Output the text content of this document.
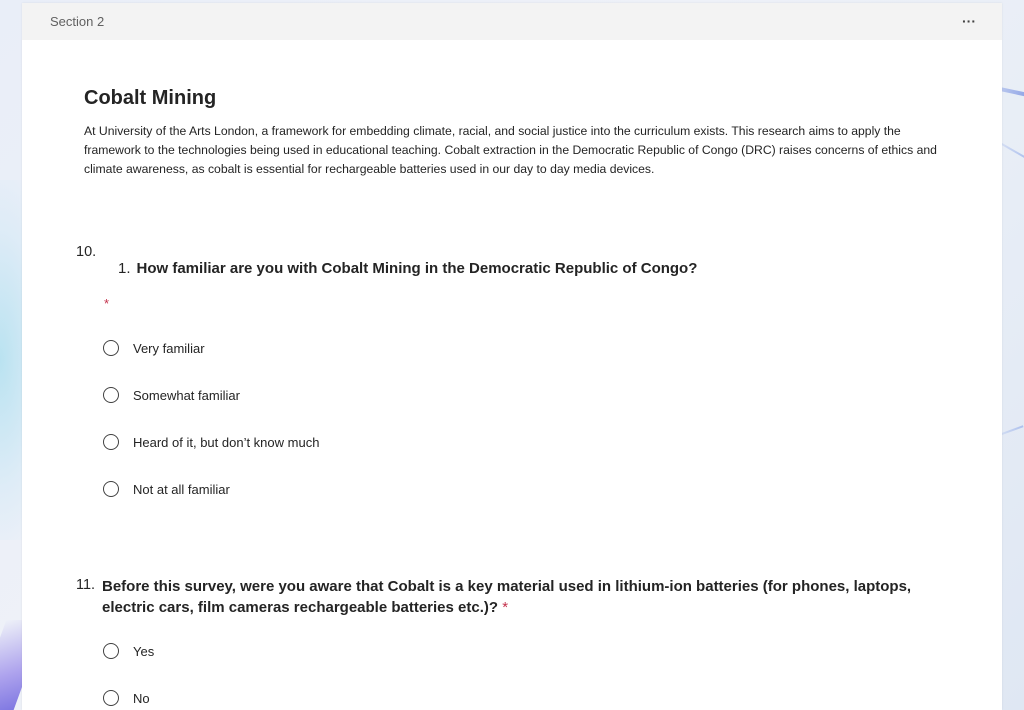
Section 2	···
Cobalt Mining
At University of the Arts London, a framework for embedding climate, racial, and social justice into the curriculum exists. This research aims to apply the framework to the technologies being used in educational teaching. Cobalt extraction in the Democratic Republic of Congo (DRC) raises concerns of ethics and climate awareness, as cobalt is essential for rechargeable batteries used in our day to day media devices.
10.
1. How familiar are you with Cobalt Mining in the Democratic Republic of Congo?
*
Very familiar
Somewhat familiar
Heard of it, but don’t know much
Not at all familiar
11. Before this survey, were you aware that Cobalt is a key material used in lithium-ion batteries (for phones, laptops, electric cars, film cameras rechargeable batteries etc.)? *
Yes
No
